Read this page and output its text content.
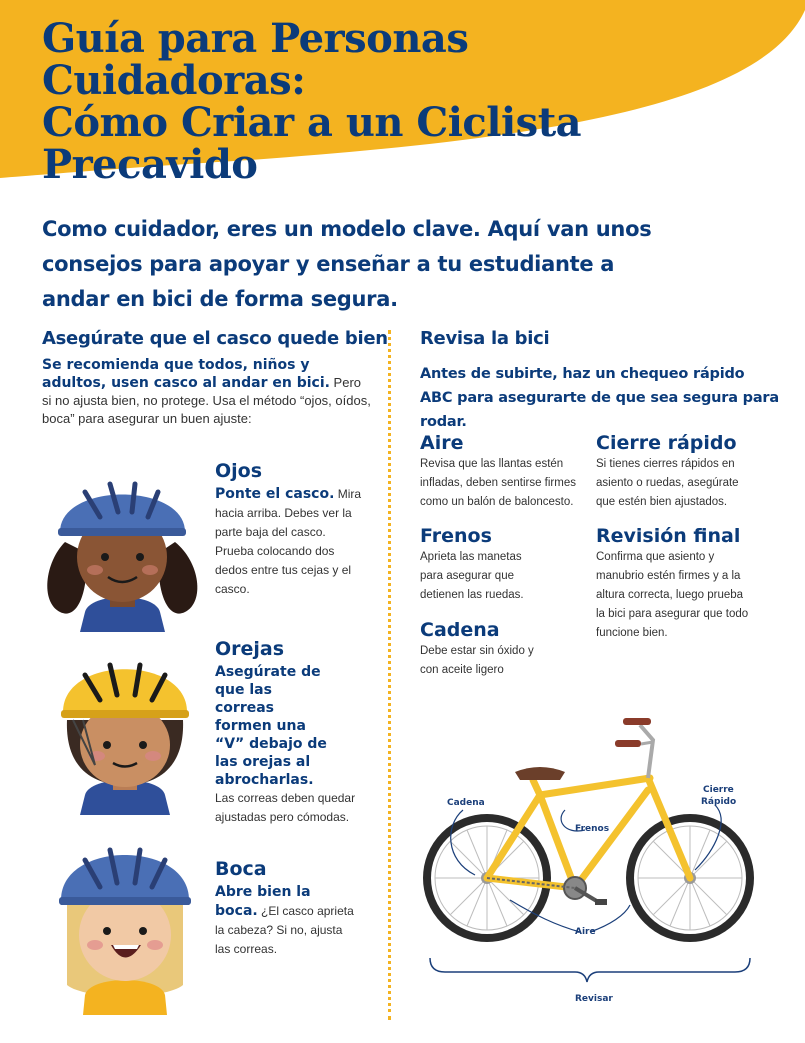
Guía para Personas
Cuidadoras:
Cómo Criar a un Ciclista
Precavido

Como cuidador, eres un modelo clave. Aquí van unos consejos para apoyar y enseñar a tu estudiante a andar en bici de forma segura.

Asegúrate que el casco quede bien

Se recomienda que todos, niños y adultos, usen casco al andar en bici. Pero si no ajusta bien, no protege. Usa el método “ojos, oídos, boca” para asegurar un buen ajuste:

Ojos
Ponte el casco. Mira hacia arriba. Debes ver la parte baja del casco. Prueba colocando dos dedos entre tus cejas y el casco.
Orejas
Asegúrate de que las correas formen una “V” debajo de las orejas al abrocharlas.
Las correas deben quedar ajustadas pero cómodas.
Boca
Abre bien la boca. ¿El casco aprieta la cabeza? Si no, ajusta las correas.
Revisa la bici

Antes de subirte, haz un chequeo rápido ABC para asegurarte de que sea segura para rodar.

Aire
Revisa que las llantas estén infladas, deben sentirse firmes como un balón de baloncesto.
Cierre rápido
Si tienes cierres rápidos en asiento o ruedas, asegúrate que estén bien ajustados.
Frenos
Aprieta las manetas para asegurar que detienen las ruedas.
Revisión final
Confirma que asiento y manubrio estén firmes y a la altura correcta, luego prueba la bici para asegurar que todo funcione bien.
Cadena
Debe estar sin óxido y con aceite ligero
Cadena
Frenos
Cierre
Rápido
Aire
Revisar
